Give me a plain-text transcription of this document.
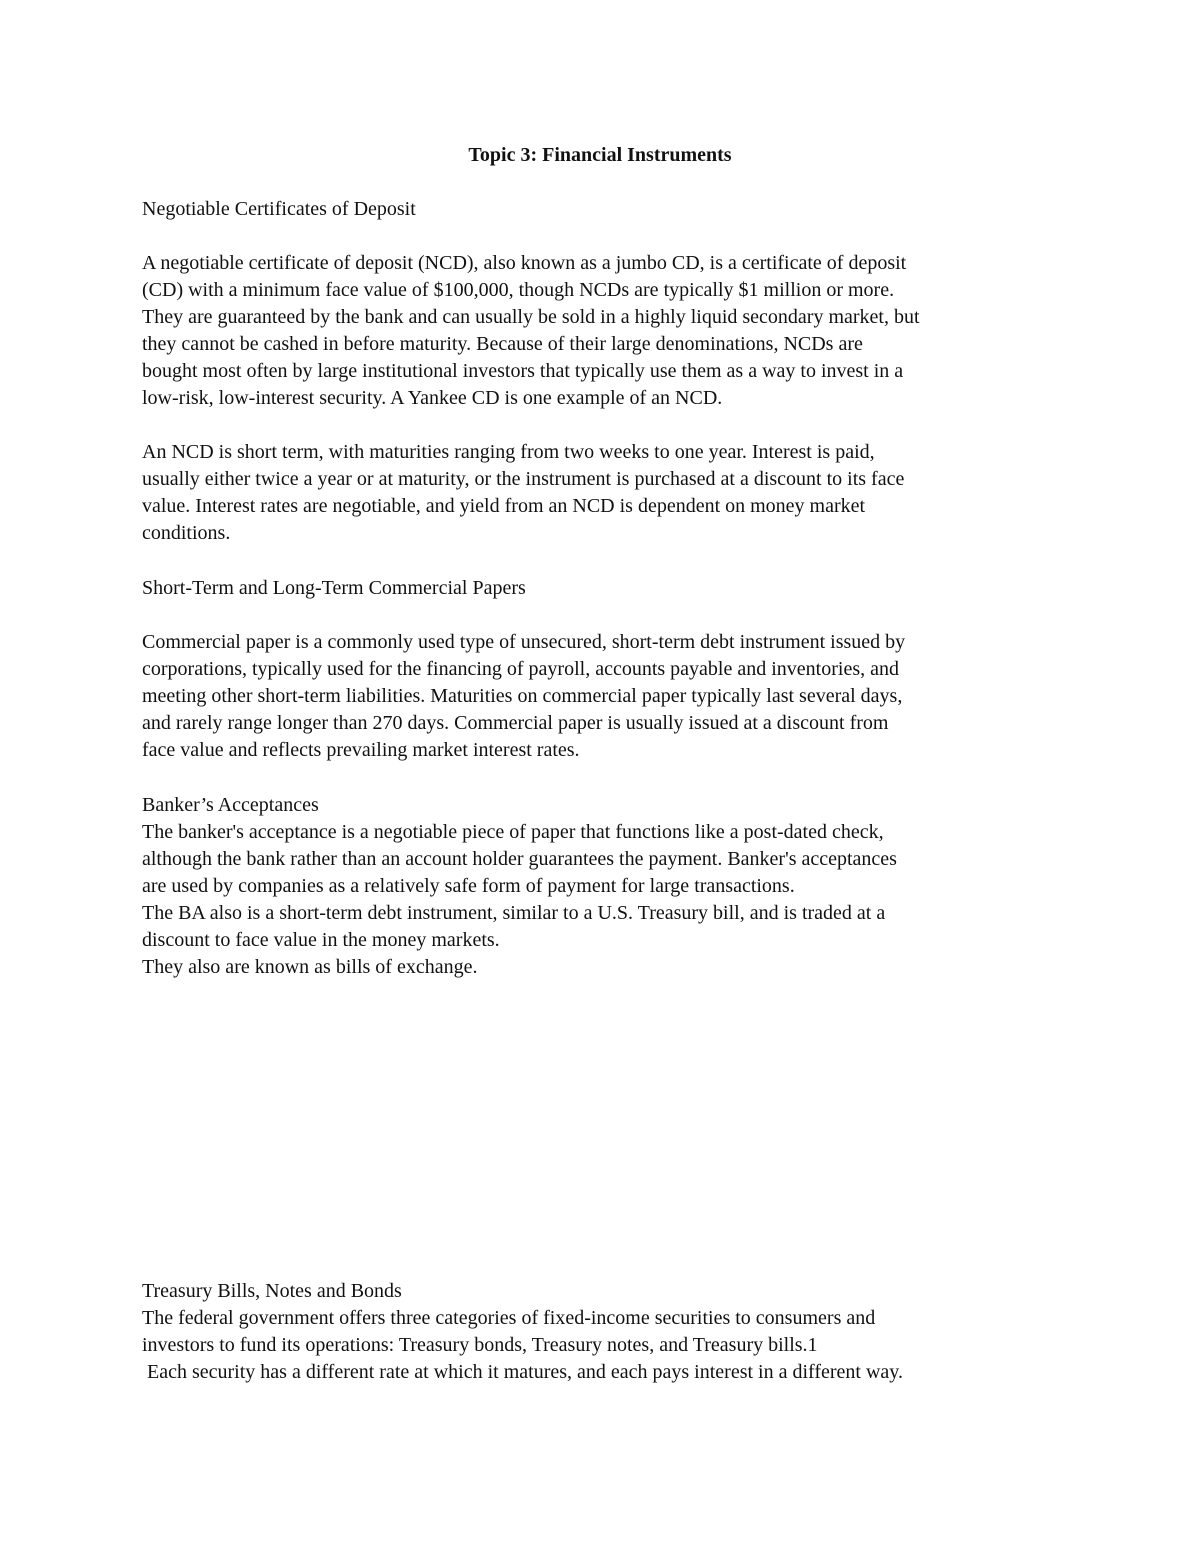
Topic 3: Financial Instruments

Negotiable Certificates of Deposit

A negotiable certificate of deposit (NCD), also known as a jumbo CD, is a certificate of deposit
(CD) with a minimum face value of $100,000, though NCDs are typically $1 million or more.
They are guaranteed by the bank and can usually be sold in a highly liquid secondary market, but
they cannot be cashed in before maturity. Because of their large denominations, NCDs are
bought most often by large institutional investors that typically use them as a way to invest in a
low-risk, low-interest security. A Yankee CD is one example of an NCD.

An NCD is short term, with maturities ranging from two weeks to one year. Interest is paid,
usually either twice a year or at maturity, or the instrument is purchased at a discount to its face
value. Interest rates are negotiable, and yield from an NCD is dependent on money market
conditions.

Short-Term and Long-Term Commercial Papers

Commercial paper is a commonly used type of unsecured, short-term debt instrument issued by
corporations, typically used for the financing of payroll, accounts payable and inventories, and
meeting other short-term liabilities. Maturities on commercial paper typically last several days,
and rarely range longer than 270 days. Commercial paper is usually issued at a discount from
face value and reflects prevailing market interest rates.

Banker’s Acceptances
The banker's acceptance is a negotiable piece of paper that functions like a post-dated check,
although the bank rather than an account holder guarantees the payment. Banker's acceptances
are used by companies as a relatively safe form of payment for large transactions.
The BA also is a short-term debt instrument, similar to a U.S. Treasury bill, and is traded at a
discount to face value in the money markets.
They also are known as bills of exchange.

Treasury Bills, Notes and Bonds
The federal government offers three categories of fixed-income securities to consumers and
investors to fund its operations: Treasury bonds, Treasury notes, and Treasury bills.1
Each security has a different rate at which it matures, and each pays interest in a different way.
